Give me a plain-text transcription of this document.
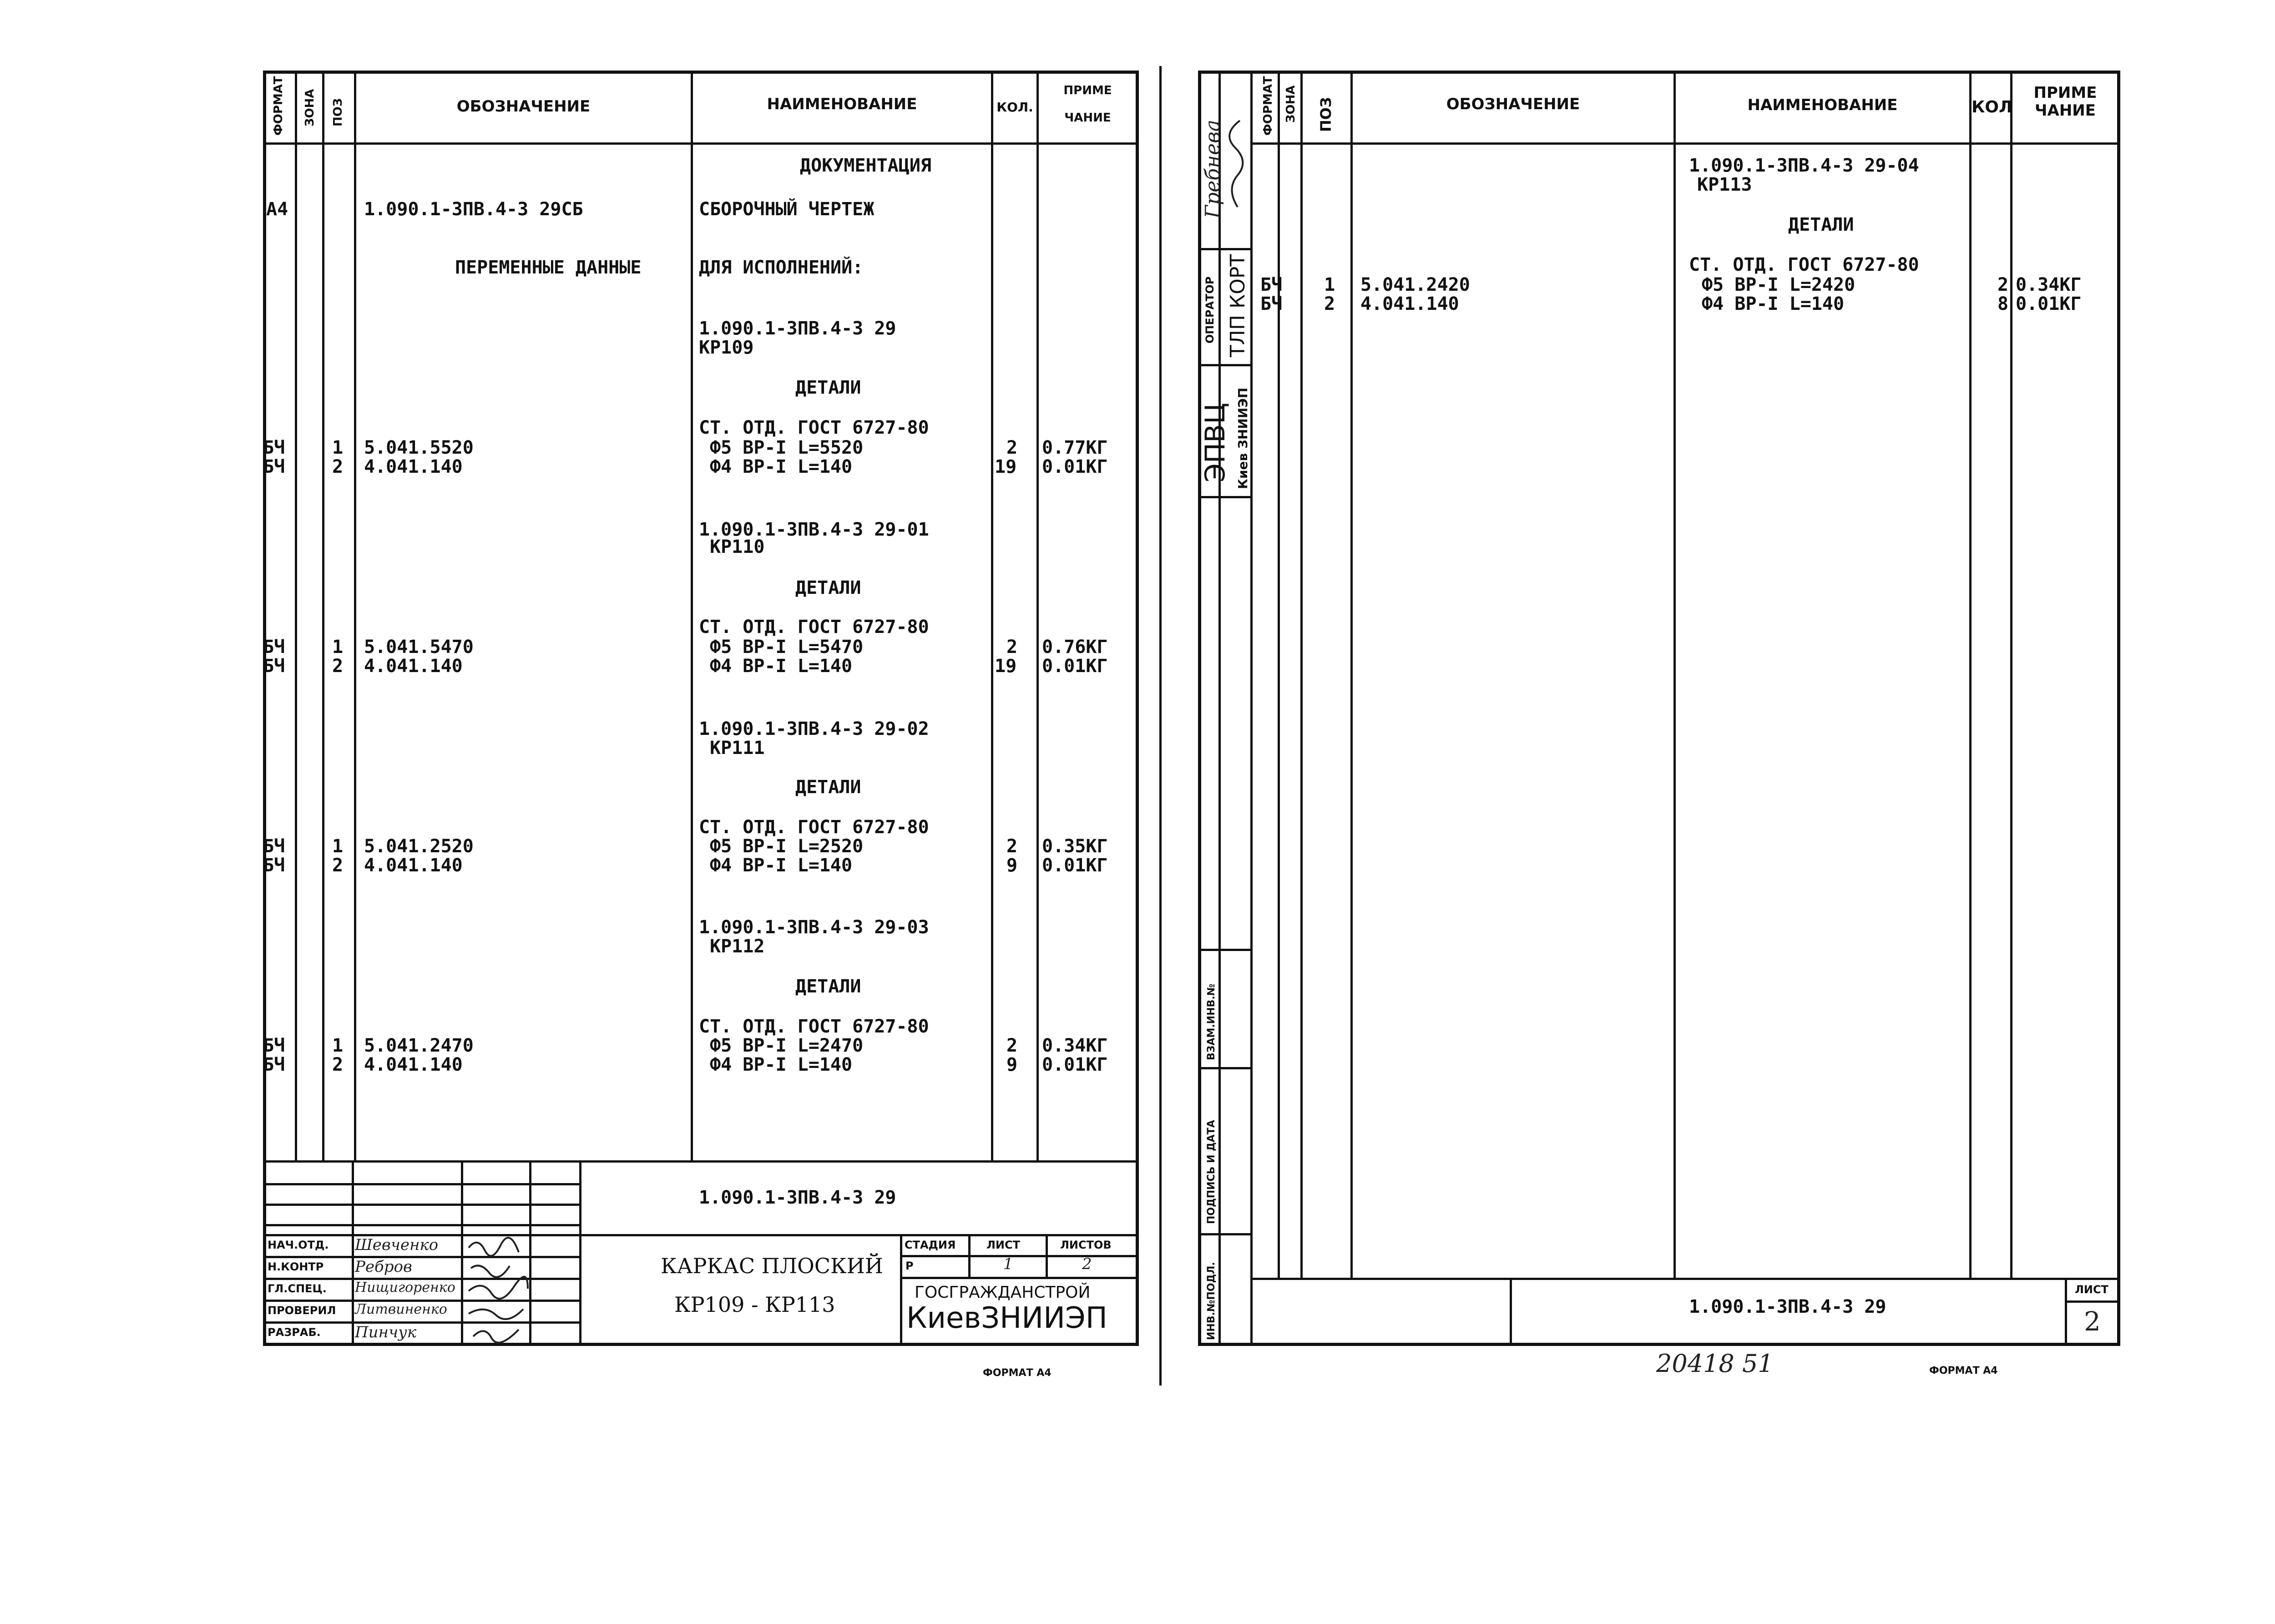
ФОРМАТ ЗОНА ПОЗ	ОБОЗНАЧЕНИЕ	НАИМЕНОВАНИЕ	КОЛ.
ПРИМЕ

ЧАНИЕ
ДОКУМЕНТАЦИЯ
А4	1.090.1-3ПВ.4-3 29СБ	СБОРОЧНЫЙ ЧЕРТЕЖ
ПЕРЕМЕННЫЕ ДАННЫЕ	ДЛЯ ИСПОЛНЕНИЙ:
1.090.1-3ПВ.4-3 29
КР109
ДЕТАЛИ
СТ. ОТД. ГОСТ 6727-80
БЧ	1 5.041.5520	Ф5 ВР-I L=5520	2 0.77КГ
БЧ	2 4.041.140	Ф4 ВР-I L=140	19 0.01КГ
1.090.1-3ПВ.4-3 29-01
КР110
ДЕТАЛИ
СТ. ОТД. ГОСТ 6727-80
БЧ	1 5.041.5470	Ф5 ВР-I L=5470	2 0.76КГ
БЧ	2 4.041.140	Ф4 ВР-I L=140	19 0.01КГ
1.090.1-3ПВ.4-3 29-02
КР111
ДЕТАЛИ
СТ. ОТД. ГОСТ 6727-80
БЧ	1 5.041.2520	Ф5 ВР-I L=2520	2 0.35КГ
БЧ	2 4.041.140	Ф4 ВР-I L=140	9 0.01КГ
1.090.1-3ПВ.4-3 29-03
КР112
ДЕТАЛИ
СТ. ОТД. ГОСТ 6727-80
БЧ	1 5.041.2470	Ф5 ВР-I L=2470	2 0.34КГ
БЧ	2 4.041.140	Ф4 ВР-I L=140	9 0.01КГ
1.090.1-3ПВ.4-3 29
КАРКАС ПЛОСКИЙ
КР109 - КР113
СТАДИЯ	ЛИСТ	ЛИСТОВ
Р	1	2
ГОСГРАЖДАНСТРОЙ
КиевЗНИИЭП
НАЧ.ОТД. Шевченко
Н.КОНТР Ребров
ГЛ.СПЕЦ. Нищигоренко
ПРОВЕРИЛ Литвиненко
РАЗРАБ. Пинчук
ФОРМАТ А4
Гребнева
ОПЕРАТОР ТЛП КОРТ
ЭПВЦ Киев ЗНИИЭП
ВЗАМ.ИНВ.№
ПОДПИСЬ И ДАТА
ИНВ.№ПОДЛ.
ФОРМАТ ЗОНА ПОЗ	ОБОЗНАЧЕНИЕ	НАИМЕНОВАНИЕ	КОЛ
ПРИМЕ
ЧАНИЕ
1.090.1-3ПВ.4-3 29-04
КР113
ДЕТАЛИ
СТ. ОТД. ГОСТ 6727-80
БЧ 1 5.041.2420	Ф5 ВР-I L=2420	2 0.34КГ
БЧ 2 4.041.140	Ф4 ВР-I L=140	8 0.01КГ
1.090.1-3ПВ.4-3 29
ЛИСТ
2
20418 51	ФОРМАТ А4
